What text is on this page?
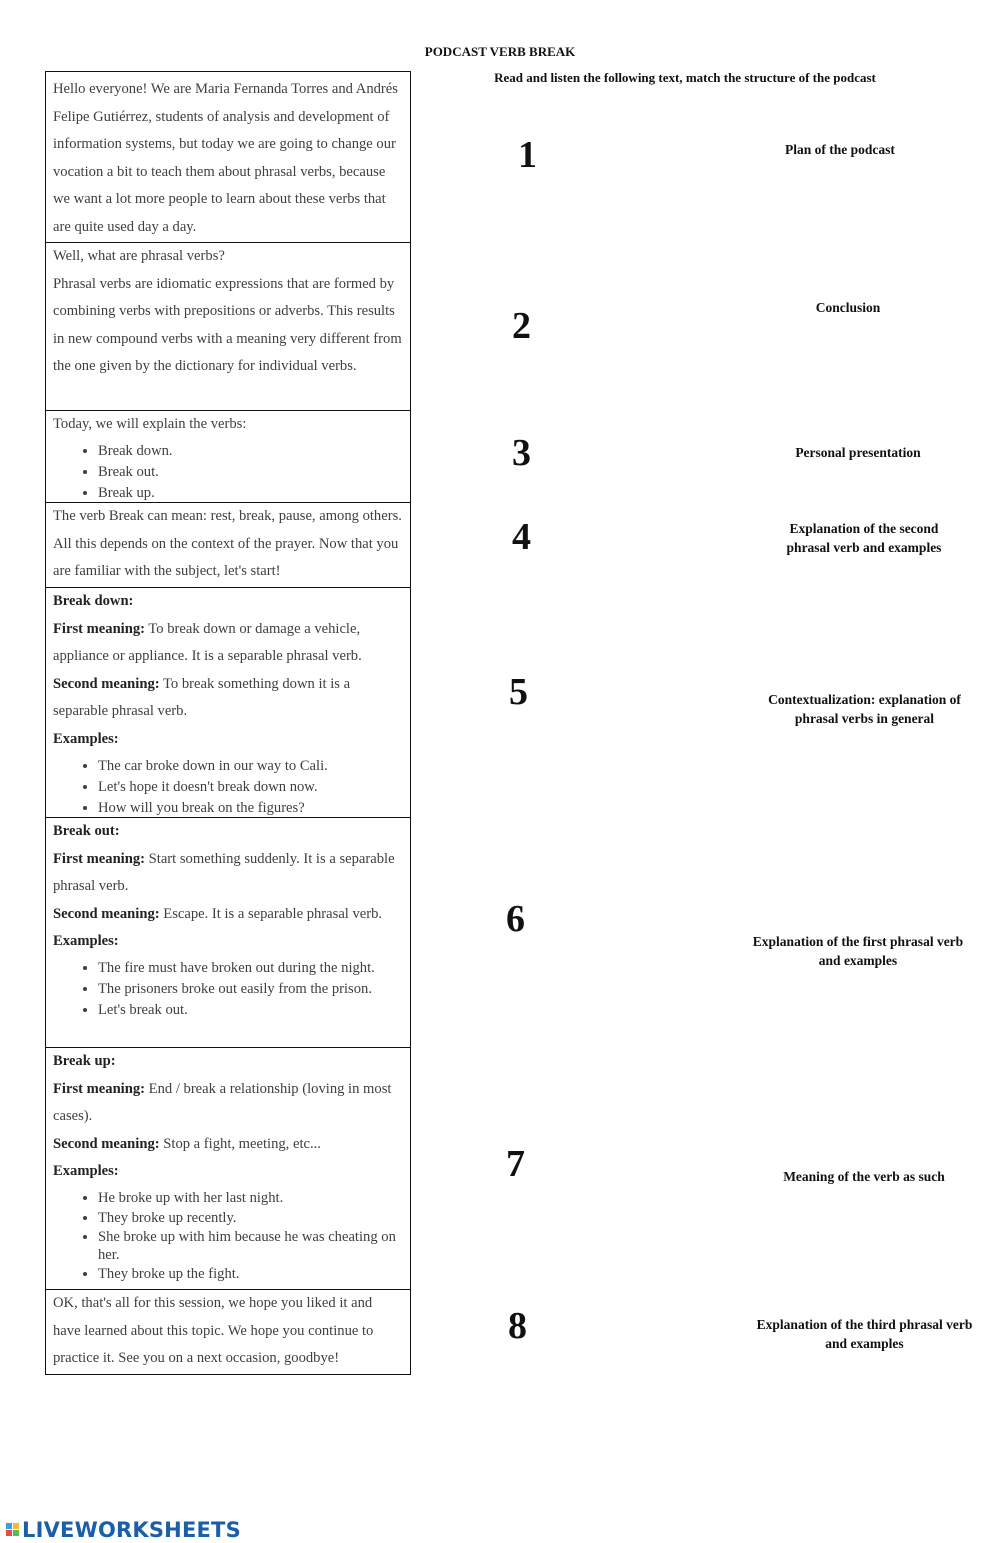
PODCAST VERB BREAK
Read and listen the following text, match the structure of the podcast

Hello everyone! We are Maria Fernanda Torres and Andrés Felipe Gutiérrez, students of analysis and development of information systems, but today we are going to change our vocation a bit to teach them about phrasal verbs, because we want a lot more people to learn about these verbs that are quite used day a day.

Well, what are phrasal verbs?

Phrasal verbs are idiomatic expressions that are formed by combining verbs with prepositions or adverbs. This results in new compound verbs with a meaning very different from the one given by the dictionary for individual verbs.

Today, we will explain the verbs:

• Break down.
• Break out.
• Break up.

The verb Break can mean: rest, break, pause, among others. All this depends on the context of the prayer. Now that you are familiar with the subject, let's start!

Break down:

First meaning: To break down or damage a vehicle, appliance or appliance. It is a separable phrasal verb.

Second meaning: To break something down it is a separable phrasal verb.

Examples:

• The car broke down in our way to Cali.
• Let's hope it doesn't break down now.
• How will you break on the figures?

Break out:

First meaning: Start something suddenly. It is a separable phrasal verb.

Second meaning: Escape. It is a separable phrasal verb.

Examples:

• The fire must have broken out during the night.
• The prisoners broke out easily from the prison.
• Let's break out.

Break up:

First meaning: End / break a relationship (loving in most cases).

Second meaning: Stop a fight, meeting, etc...

Examples:

• He broke up with her last night.
• They broke up recently.
• She broke up with him because he was cheating on her.
• They broke up the fight.

OK, that's all for this session, we hope you liked it and have learned about this topic. We hope you continue to practice it. See you on a next occasion, goodbye!

1
2
3
4
5
6
7
8
Plan of the podcast
Conclusion
Personal presentation
Explanation of the second phrasal verb and examples
Contextualization: explanation of phrasal verbs in general
Explanation of the first phrasal verb and examples
Meaning of the verb as such
Explanation of the third phrasal verb and examples
LIVEWORKSHEETS
